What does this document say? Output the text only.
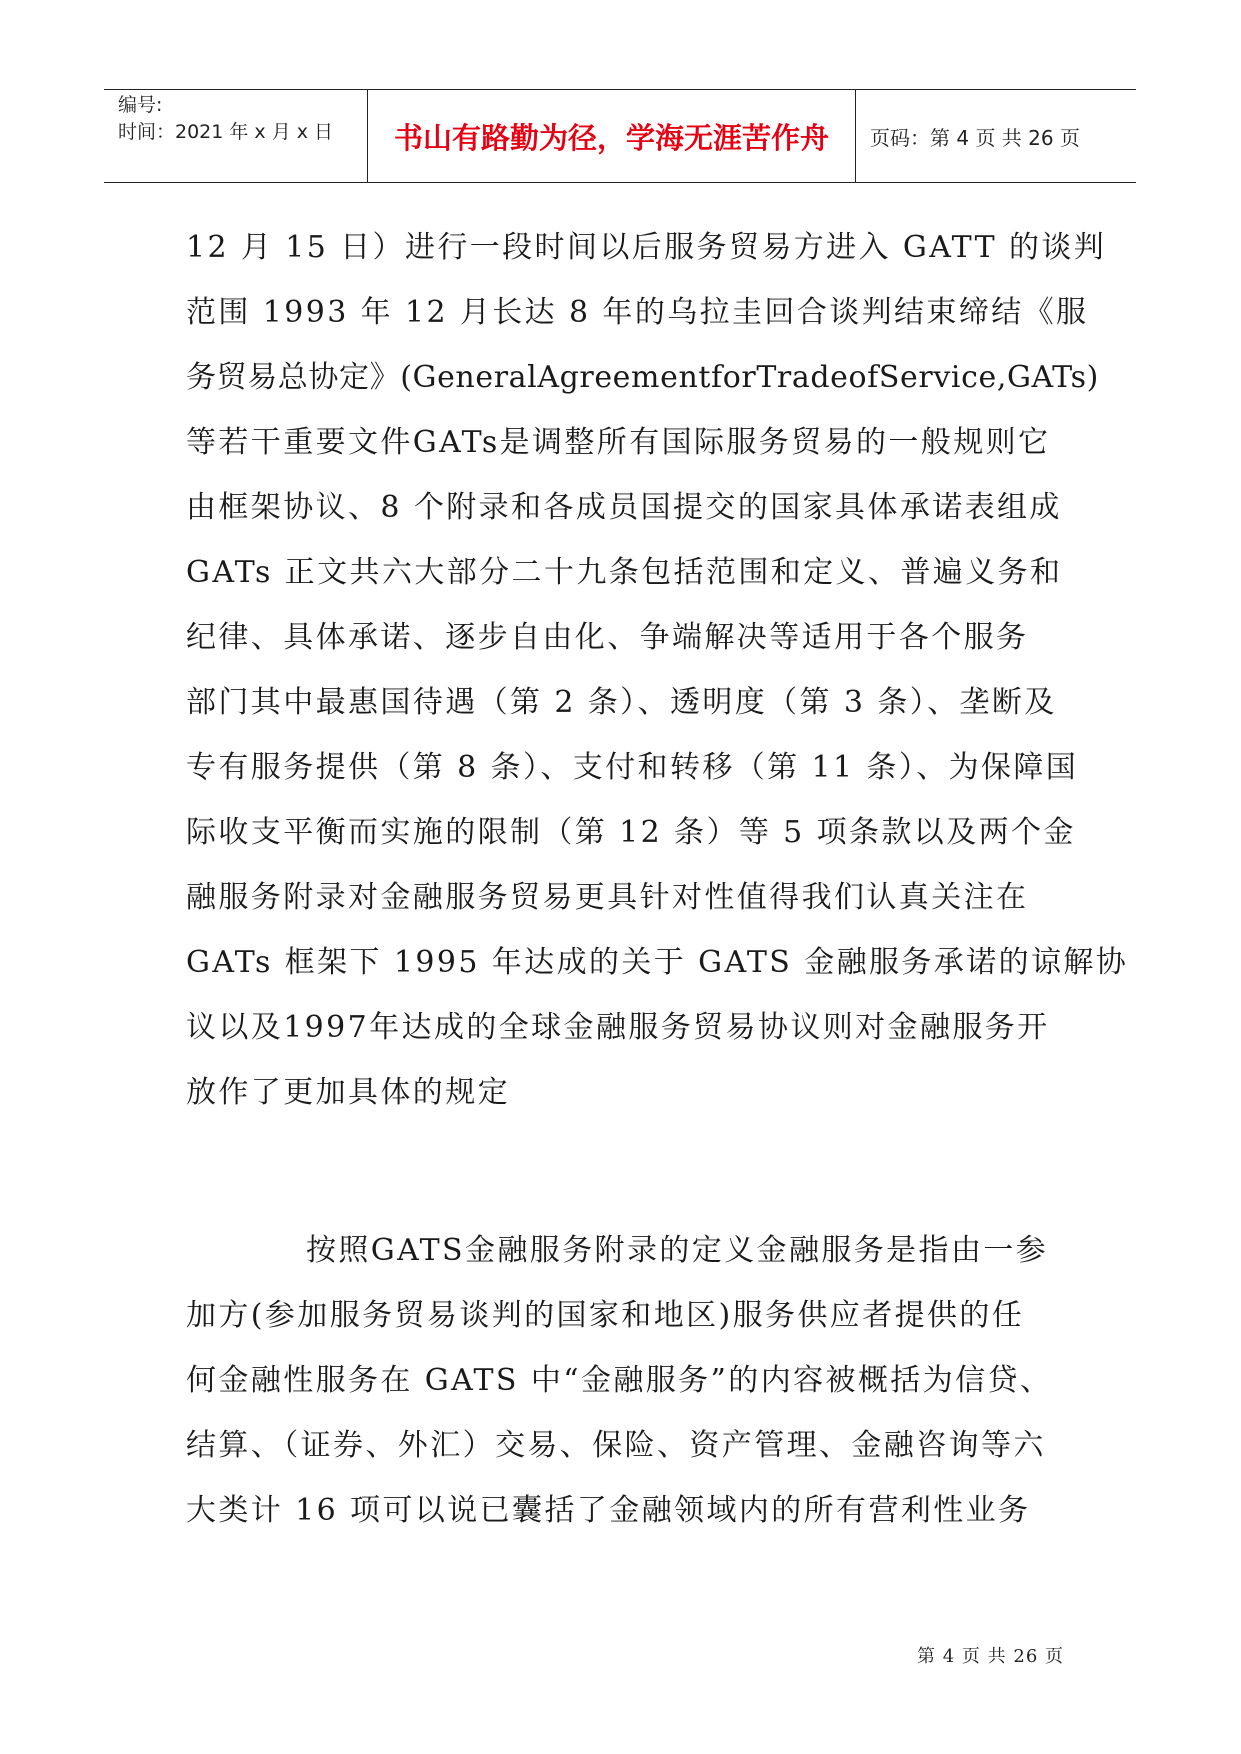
编号:
时间：2021 年 x 月 x 日	书山有路勤为径，学海无涯苦作舟	页码：第 4 页 共 26 页

12 月 15 日）进行一段时间以后服务贸易方进入 GATT 的谈判
范围 1993 年 12 月长达 8 年的乌拉圭回合谈判结束缔结《服
务贸易总协定》(GeneralAgreementforTradeofService,GATs)
等若干重要文件GATs是调整所有国际服务贸易的一般规则它
由框架协议、8 个附录和各成员国提交的国家具体承诺表组成
GATs 正文共六大部分二十九条包括范围和定义、普遍义务和
纪律、具体承诺、逐步自由化、争端解决等适用于各个服务
部门其中最惠国待遇（第 2 条）、透明度（第 3 条）、垄断及
专有服务提供（第 8 条）、支付和转移（第 11 条）、为保障国
际收支平衡而实施的限制（第 12 条）等 5 项条款以及两个金
融服务附录对金融服务贸易更具针对性值得我们认真关注在
GATs 框架下 1995 年达成的关于 GATS 金融服务承诺的谅解协
议以及1997年达成的全球金融服务贸易协议则对金融服务开
放作了更加具体的规定

按照GATS金融服务附录的定义金融服务是指由一参
加方(参加服务贸易谈判的国家和地区)服务供应者提供的任
何金融性服务在 GATS 中“金融服务”的内容被概括为信贷、
结算、（证券、外汇）交易、保险、资产管理、金融咨询等六
大类计 16 项可以说已囊括了金融领域内的所有营利性业务

第 4 页 共 26 页
